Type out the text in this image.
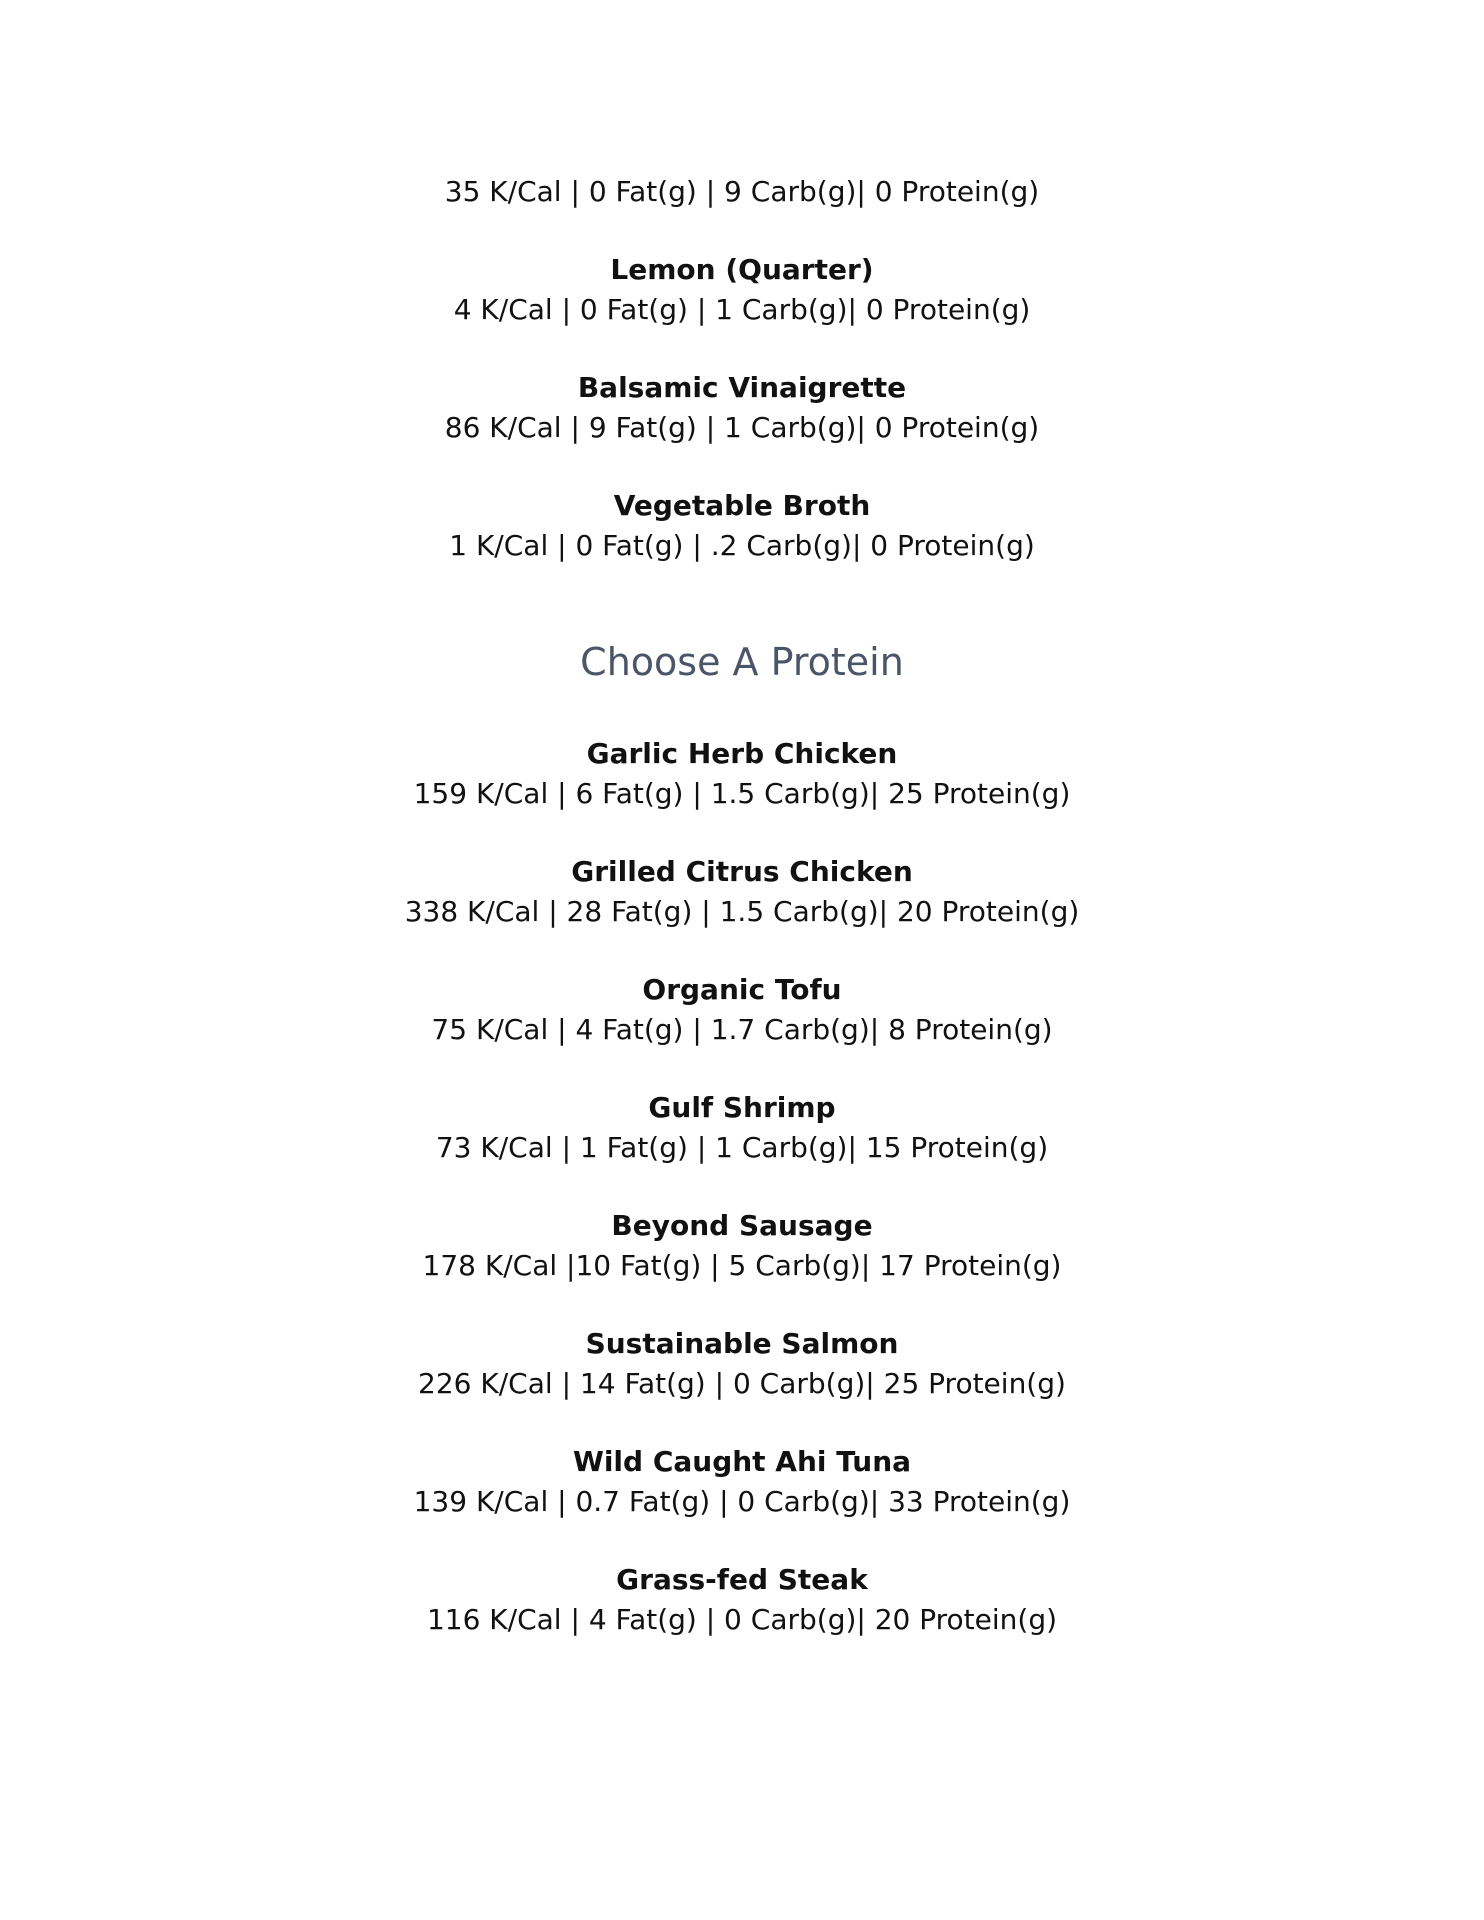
35 K/Cal | 0 Fat(g) | 9 Carb(g)| 0 Protein(g)
Lemon (Quarter)
4 K/Cal | 0 Fat(g) | 1 Carb(g)| 0 Protein(g)
Balsamic Vinaigrette
86 K/Cal | 9 Fat(g) | 1 Carb(g)| 0 Protein(g)
Vegetable Broth
1 K/Cal | 0 Fat(g) | .2 Carb(g)| 0 Protein(g)
Choose A Protein
Garlic Herb Chicken
159 K/Cal | 6 Fat(g) | 1.5 Carb(g)| 25 Protein(g)
Grilled Citrus Chicken
338 K/Cal | 28 Fat(g) | 1.5 Carb(g)| 20 Protein(g)
Organic Tofu
75 K/Cal | 4 Fat(g) | 1.7 Carb(g)| 8 Protein(g)
Gulf Shrimp
73 K/Cal | 1 Fat(g) | 1 Carb(g)| 15 Protein(g)
Beyond Sausage
178 K/Cal |10 Fat(g) | 5 Carb(g)| 17 Protein(g)
Sustainable Salmon
226 K/Cal | 14 Fat(g) | 0 Carb(g)| 25 Protein(g)
Wild Caught Ahi Tuna
139 K/Cal | 0.7 Fat(g) | 0 Carb(g)| 33 Protein(g)
Grass-fed Steak
116 K/Cal | 4 Fat(g) | 0 Carb(g)| 20 Protein(g)
